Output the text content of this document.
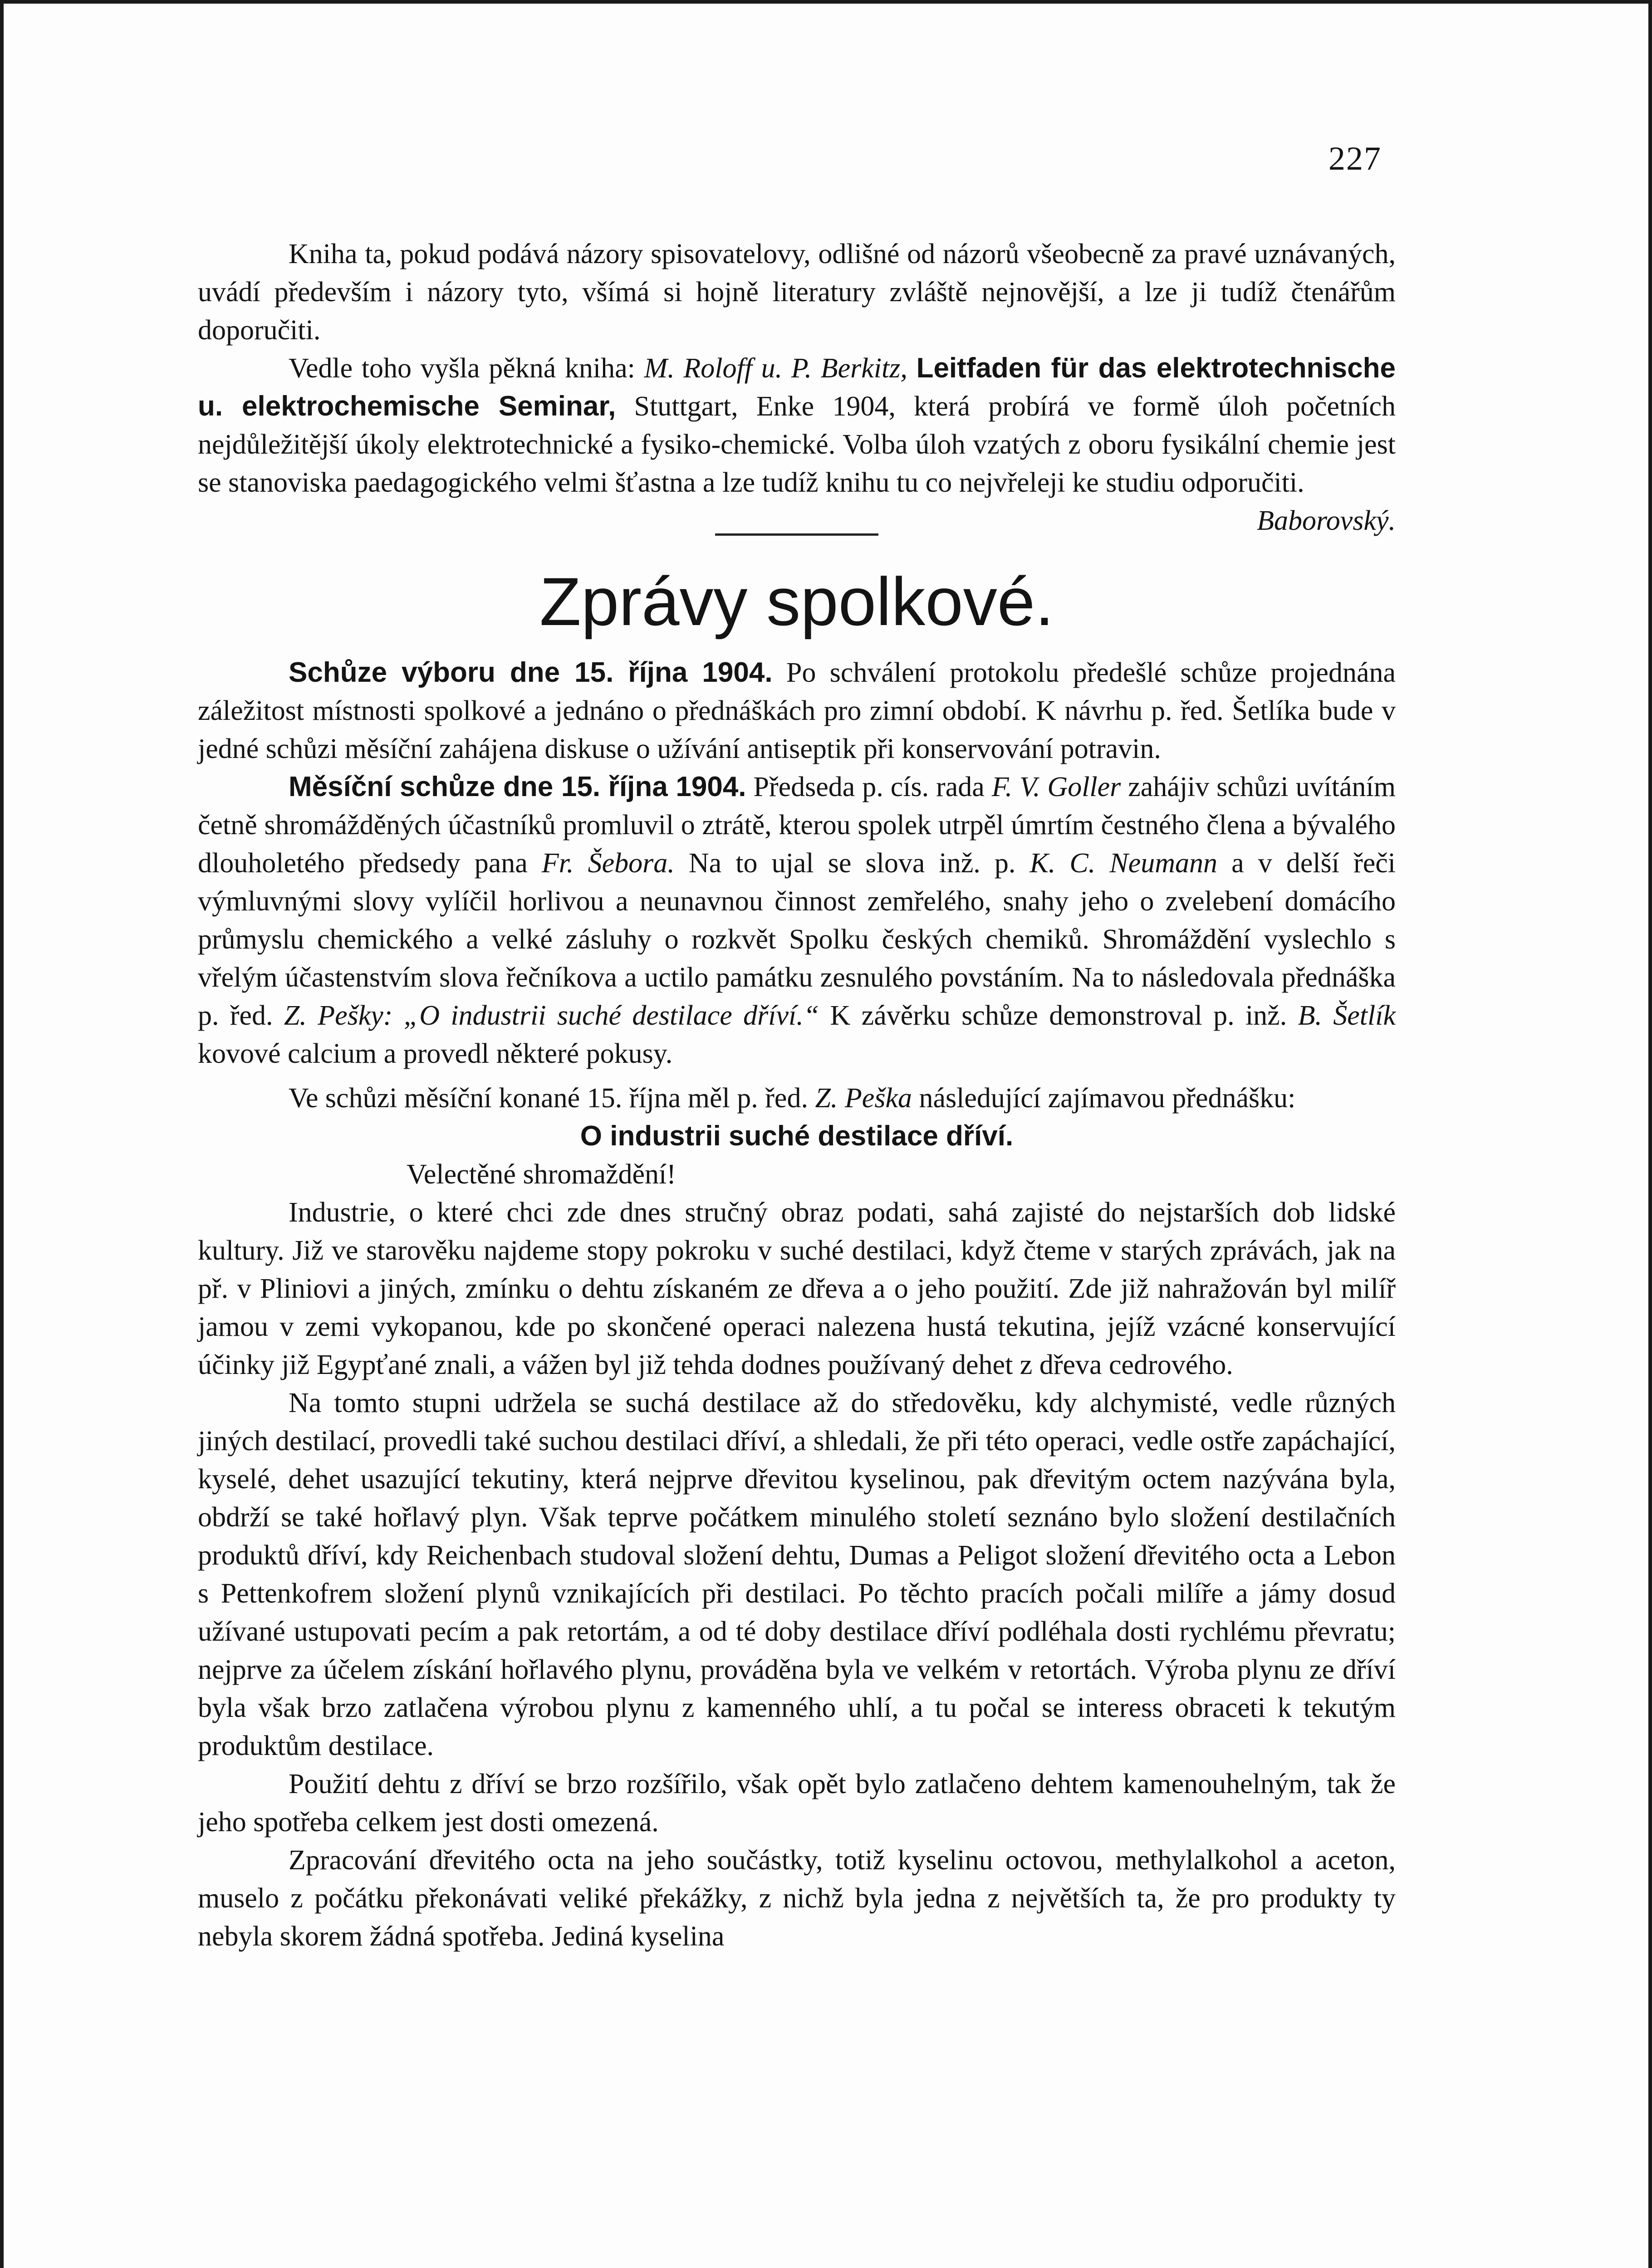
227

Kniha ta, pokud podává názory spisovatelovy, odlišné od názorů všeobecně za pravé uznávaných, uvádí především i názory tyto, všímá si hojně literatury zvláště nejnovější, a lze ji tudíž čtenářům doporučiti.

Vedle toho vyšla pěkná kniha: M. Roloff u. P. Berkitz, Leitfaden für das elektrotechnische u. elektrochemische Seminar, Stuttgart, Enke 1904, která probírá ve formě úloh početních nejdůležitější úkoly elektrotechnické a fysiko-chemické. Volba úloh vzatých z oboru fysikální chemie jest se stanoviska paedagogického velmi šťastna a lze tudíž knihu tu co nejvřeleji ke studiu odporučiti.
Baborovský.

Zprávy spolkové.

Schůze výboru dne 15. října 1904. Po schválení protokolu předešlé schůze projednána záležitost místnosti spolkové a jednáno o přednáškách pro zimní období. K návrhu p. řed. Šetlíka bude v jedné schůzi měsíční zahájena diskuse o užívání antiseptik při konservování potravin.

Měsíční schůze dne 15. října 1904. Předseda p. cís. rada F. V. Goller zahájiv schůzi uvítáním četně shromážděných účastníků promluvil o ztrátě, kterou spolek utrpěl úmrtím čestného člena a bývalého dlouholetého předsedy pana Fr. Šebora. Na to ujal se slova inž. p. K. C. Neumann a v delší řeči výmluvnými slovy vylíčil horlivou a neunavnou činnost zemřelého, snahy jeho o zvelebení domácího průmyslu chemického a velké zásluhy o rozkvět Spolku českých chemiků. Shromáždění vyslechlo s vřelým účastenstvím slova řečníkova a uctilo památku zesnulého povstáním. Na to následovala přednáška p. řed. Z. Pešky: „O industrii suché destilace dříví.“ K závěrku schůze demonstroval p. inž. B. Šetlík kovové calcium a provedl některé pokusy.

Ve schůzi měsíční konané 15. října měl p. řed. Z. Peška následující zajímavou přednášku:

O industrii suché destilace dříví.

Velectěné shromaždění!

Industrie, o které chci zde dnes stručný obraz podati, sahá zajisté do nejstarších dob lidské kultury. Již ve starověku najdeme stopy pokroku v suché destilaci, když čteme v starých zprávách, jak na př. v Pliniovi a jiných, zmínku o dehtu získaném ze dřeva a o jeho použití. Zde již nahražován byl milíř jamou v zemi vykopanou, kde po skončené operaci nalezena hustá tekutina, jejíž vzácné konservující účinky již Egypťané znali, a vážen byl již tehda dodnes používaný dehet z dřeva cedrového.

Na tomto stupni udržela se suchá destilace až do středověku, kdy alchymisté, vedle různých jiných destilací, provedli také suchou destilaci dříví, a shledali, že při této operaci, vedle ostře zapáchající, kyselé, dehet usazující tekutiny, která nejprve dřevitou kyselinou, pak dřevitým octem nazývána byla, obdrží se také hořlavý plyn. Však teprve počátkem minulého století seznáno bylo složení destilačních produktů dříví, kdy Reichenbach studoval složení dehtu, Dumas a Peligot složení dřevitého octa a Lebon s Pettenkofrem složení plynů vznikajících při destilaci. Po těchto pracích počali milíře a jámy dosud užívané ustupovati pecím a pak retortám, a od té doby destilace dříví podléhala dosti rychlému převratu; nejprve za účelem získání hořlavého plynu, prováděna byla ve velkém v retortách. Výroba plynu ze dříví byla však brzo zatlačena výrobou plynu z kamenného uhlí, a tu počal se interess obraceti k tekutým produktům destilace.

Použití dehtu z dříví se brzo rozšířilo, však opět bylo zatlačeno dehtem kamenouhelným, tak že jeho spotřeba celkem jest dosti omezená.

Zpracování dřevitého octa na jeho součástky, totiž kyselinu octovou, methylalkohol a aceton, muselo z počátku překonávati veliké překážky, z nichž byla jedna z největších ta, že pro produkty ty nebyla skorem žádná spotřeba. Jediná kyselina
